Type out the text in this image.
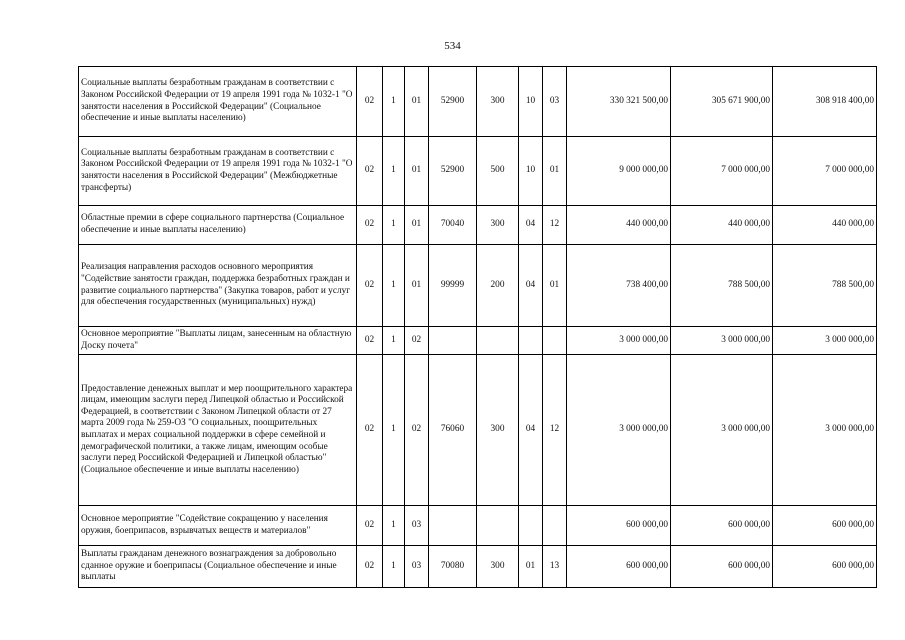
534
Социальные выплаты безработным гражданам в соответствии с Законом Российской Федерации от 19 апреля 1991 года № 1032-1 "О занятости населения в Российской Федерации" (Социальное обеспечение и иные выплаты населению)	02	1	01	52900	300	10	03	330 321 500,00	305 671 900,00	308 918 400,00
Социальные выплаты безработным гражданам в соответствии с Законом Российской Федерации от 19 апреля 1991 года № 1032-1 "О занятости населения в Российской Федерации" (Межбюджетные трансферты)	02	1	01	52900	500	10	01	9 000 000,00	7 000 000,00	7 000 000,00
Областные премии в сфере социального партнерства (Социальное обеспечение и иные выплаты населению)	02	1	01	70040	300	04	12	440 000,00	440 000,00	440 000,00
Реализация направления расходов основного мероприятия "Содействие занятости граждан, поддержка безработных граждан и развитие социального партнерства" (Закупка товаров, работ и услуг для обеспечения государственных (муниципальных) нужд)	02	1	01	99999	200	04	01	738 400,00	788 500,00	788 500,00
Основное мероприятие "Выплаты лицам, занесенным на областную Доску почета"	02	1	02					3 000 000,00	3 000 000,00	3 000 000,00
Предоставление денежных выплат и мер поощрительного характера лицам, имеющим заслуги перед Липецкой областью и Российской Федерацией, в соответствии с Законом Липецкой области от 27 марта 2009 года № 259-ОЗ "О социальных, поощрительных выплатах и мерах социальной поддержки в сфере семейной и демографической политики, а также лицам, имеющим особые заслуги перед Российской Федерацией и Липецкой областью" (Социальное обеспечение и иные выплаты населению)	02	1	02	76060	300	04	12	3 000 000,00	3 000 000,00	3 000 000,00
Основное мероприятие "Содействие сокращению у населения оружия, боеприпасов, взрывчатых веществ и материалов"	02	1	03					600 000,00	600 000,00	600 000,00
Выплаты гражданам денежного вознаграждения за добровольно сданное оружие и боеприпасы (Социальное обеспечение и иные выплаты	02	1	03	70080	300	01	13	600 000,00	600 000,00	600 000,00
